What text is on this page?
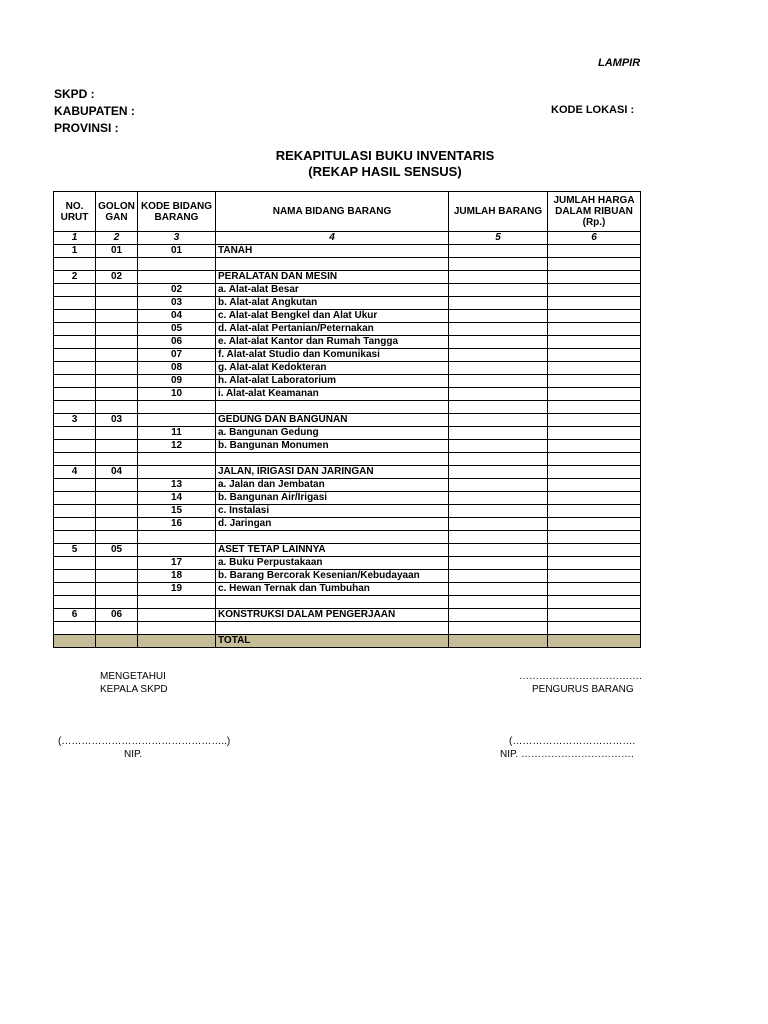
LAMPIR
SKPD :
KABUPATEN :
PROVINSI :
KODE LOKASI :
REKAPITULASI BUKU INVENTARIS
(REKAP HASIL SENSUS)
NO. URUT	GOLON GAN	KODE BIDANG BARANG	NAMA BIDANG BARANG	JUMLAH BARANG	JUMLAH HARGA DALAM RIBUAN (Rp.)
1	2	3	4	5	6
1	01	01	TANAH		

2	02		PERALATAN DAN MESIN		
		02	a. Alat-alat Besar		
		03	b. Alat-alat Angkutan		
		04	c. Alat-alat Bengkel dan Alat Ukur		
		05	d. Alat-alat Pertanian/Peternakan		
		06	e. Alat-alat Kantor dan Rumah Tangga		
		07	f. Alat-alat Studio dan Komunikasi		
		08	g. Alat-alat Kedokteran		
		09	h. Alat-alat Laboratorium		
		10	i. Alat-alat Keamanan		

3	03		GEDUNG DAN BANGUNAN		
		11	a. Bangunan Gedung		
		12	b. Bangunan Monumen		

4	04		JALAN, IRIGASI DAN JARINGAN		
		13	a. Jalan dan Jembatan		
		14	b. Bangunan Air/Irigasi		
		15	c. Instalasi		
		16	d. Jaringan		

5	05		ASET TETAP LAINNYA		
		17	a. Buku Perpustakaan		
		18	b. Barang Bercorak Kesenian/Kebudayaan		
		19	c. Hewan Ternak dan Tumbuhan		

6	06		KONSTRUKSI DALAM PENGERJAAN		

			TOTAL		
MENGETAHUI
KEPALA SKPD
……………………………….
PENGURUS BARANG
(…………………………………………..)
NIP.
(……………………………….
NIP. …………………………….
